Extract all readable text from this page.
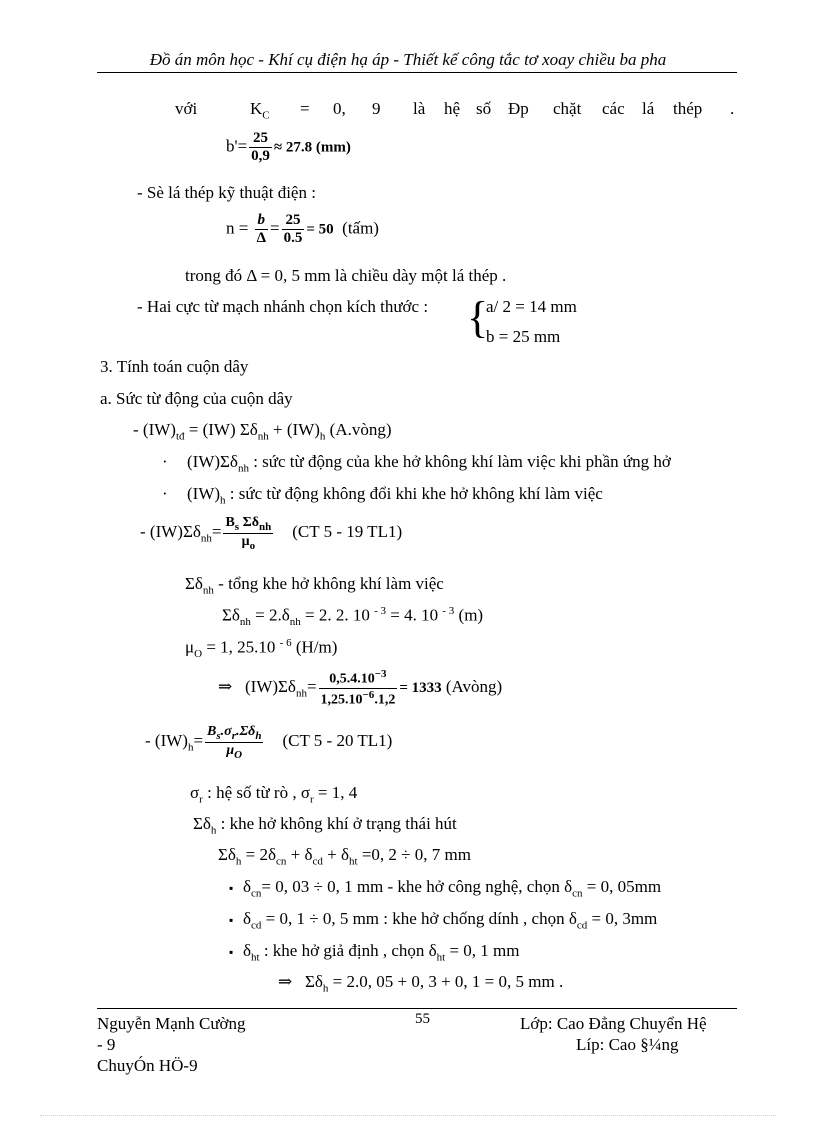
Đồ án môn học - Khí cụ điện hạ áp - Thiết kế công tắc tơ xoay chiều ba pha
với	$K_C = 0$, 9 là hệ số Đp chặt các lá thép .
$b'= \frac{25}{0,9} \approx 27.8$ (mm)
- Sè lá thép kỹ thuật điện :
$n = \frac{b}{\Delta} = \frac{25}{0.5} = 50$ (tấm)
trong đó Δ = 0, 5 mm là chiều dày một lá thép .
- Hai cực từ mạch nhánh chọn kích thước : {
a/ 2 = 14 mm
b = 25 mm
3. Tính toán cuộn dây
a. Sức từ động của cuộn dây
- $(IW)_{tđ} = (IW) \Sigma\delta_{nh} + (IW)_h$ (A.vòng)
· $(IW)\Sigma\delta_{nh}$ : sức từ động của khe hở không khí làm việc khi phần ứng hở
· $(IW)_h$ : sức từ động không đổi khi khe hở không khí làm việc
- $(IW)\Sigma\delta_{nh}= \frac{B_s \Sigma\delta_{nh}}{\mu_o} (CT$ 5 - 19 TL1)
$\Sigma\delta_{nh}$ - tổng khe hở không khí làm việc
$\Sigma\delta_{nh} = 2.\delta_{nh} = 2$. 2. 10 $^{- 3}$ = 4. 10 $^{- 3}$ (m)
$\mu_O = 1$, 25.10 $^{- 6}$ (H/m)
⇒ $(IW)\Sigma\delta_{nh}= \frac{0,5.4.10^{-3}}{1,25.10^{-6}.1,2} = 1333$ (Avòng)
- $(IW)_h= \frac{B_s.\sigma_r.\Sigma\delta_h}{\mu_O} (CT$ 5 - 20 TL1)
$\sigma_r$ : hệ số từ rò , $\sigma_r = 1$, 4
$\Sigma\delta_h$ : khe hở không khí ở trạng thái hút
$\Sigma\delta_h = 2\delta_{cn} + \delta_{cd} + \delta_{ht} =0$, 2 ÷ 0, 7 mm
▪ $\delta_{cn}= 0$, 03 ÷ 0, 1 mm - khe hở công nghệ, chọn $\delta_{cn} = 0$, 05mm
▪ $\delta_{cd} = 0$, 1 ÷ 0, 5 mm : khe hở chống dính , chọn $\delta_{cd} = 0$, 3mm
▪ $\delta_{ht}$ : khe hở giả định , chọn $\delta_{ht} = 0$, 1 mm
⇒ $\Sigma\delta_h = 2.0$, 05 + 0, 3 + 0, 1 = 0, 5 mm .
Nguyễn Mạnh Cường
- 9
ChuyÓn HÖ-9
55	Lớp: Cao Đẳng Chuyển Hệ
Líp: Cao §¼ng
